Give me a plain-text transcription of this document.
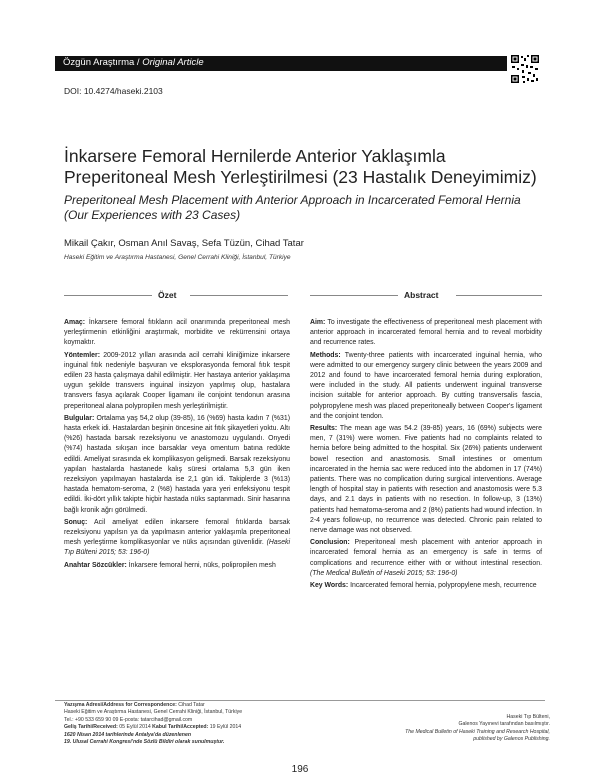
Özgün Araştırma / Original Article
DOI: 10.4274/haseki.2103
İnkarsere Femoral Hernilerde Anterior Yaklaşımla Preperitoneal Mesh Yerleştirilmesi (23 Hastalık Deneyimimiz)
Preperitoneal Mesh Placement with Anterior Approach in Incarcerated Femoral Hernia (Our Experiences with 23 Cases)
Mikail Çakır, Osman Anıl Savaş, Sefa Tüzün, Cihad Tatar
Haseki Eğitim ve Araştırma Hastanesi, Genel Cerrahi Kliniği, İstanbul, Türkiye
Özet	Abstract

Amaç: İnkarsere femoral fıtıkların acil onarımında preperitoneal mesh yerleştirmenin etkinliğini araştırmak, morbidite ve rekürrensini ortaya koymaktır.

Yöntemler: 2009-2012 yılları arasında acil cerrahi kliniğimize inkarsere inguinal fıtık nedeniyle başvuran ve eksplorasyonda femoral fıtık tespit edilen 23 hasta çalışmaya dahil edilmiştir. Her hastaya anterior yaklaşıma uygun şekilde transvers inguinal insizyon yapılmış olup, hastalara transvers fasya açılarak Cooper ligamanı ile conjoint tendonun arasına preperitoneal alana polypropilen mesh yerleştirilmiştir.

Bulgular: Ortalama yaş 54,2 olup (39-85), 16 (%69) hasta kadın 7 (%31) hasta erkek idi. Hastalardan beşinin öncesine ait fıtık şikayetleri yoktu. Altı (%26) hastada barsak rezeksiyonu ve anastomozu uygulandı. Onyedi (%74) hastada sıkışan ince barsaklar veya omentum batına redükte edildi. Ameliyat sırasında ek komplikasyon gelişmedi. Barsak rezeksiyonu yapılan hastalarda hastanede kalış süresi ortalama 5,3 gün iken rezeksiyon yapılmayan hastalarda ise 2,1 gün idi. Takiplerde 3 (%13) hastada hematom-seroma, 2 (%8) hastada yara yeri enfeksiyonu tespit edildi. İki-dört yıllık takipte hiçbir hastada nüks saptanmadı. Sinir hasarına bağlı kronik ağrı görülmedi.

Sonuç: Acil ameliyat edilen inkarsere femoral fıtıklarda barsak rezeksiyonu yapılsın ya da yapılmasın anterior yaklaşımla preperitoneal mesh yerleştirme komplikasyonlar ve nüks açısından güvenlidir. (Haseki Tıp Bülteni 2015; 53: 196-0)

Anahtar Sözcükler: İnkarsere femoral herni, nüks, polipropilen mesh

Aim: To investigate the effectiveness of preperitoneal mesh placement with anterior approach in incarcerated femoral hernia and to reveal morbidity and recurrence rates.

Methods: Twenty-three patients with incarcerated inguinal hernia, who were admitted to our emergency surgery clinic between the years 2009 and 2012 and found to have incarcerated femoral hernia during exploration, were included in the study. All patients underwent inguinal transverse incision suitable for anterior approach. By cutting transversalis fascia, polypropylene mesh was placed preperitoneally between Cooper's ligament and the conjoint tendon.

Results: The mean age was 54.2 (39-85) years, 16 (69%) subjects were men, 7 (31%) were women. Five patients had no complaints related to hernia before being admitted to the hospital. Six (26%) patients underwent bowel resection and anastomosis. Small intestines or omentum incarcerated in the hernia sac were reduced into the abdomen in 17 (74%) patients. There was no complication during surgical interventions. Average length of hospital stay in patients with resection and anastomosis were 5.3 days, and 2.1 days in patients with no resection. In follow-up, 3 (13%) patients had hematoma-seroma and 2 (8%) patients had wound infection. In 2-4 years follow-up, no recurrence was detected. Chronic pain related to nerve damage was not observed.

Conclusion: Preperitoneal mesh placement with anterior approach in incarcerated femoral hernia as an emergency is safe in terms of complications and recurrence either with or without intestinal resection. (The Medical Bulletin of Haseki 2015; 53: 196-0)

Key Words: Incarcerated femoral hernia, polypropylene mesh, recurrence

Yazışma Adresi/Address for Correspondence: Cihad Tatar
Haseki Eğitim ve Araştırma Hastanesi, Genel Cerrahi Kliniği, İstanbul, Türkiye
Tel.: +90 533 659 90 09 E-posta: tatarcihad@gmail.com
Geliş Tarihi/Received: 05 Eylül 2014 Kabul Tarihi/Accepted: 19 Eylül 2014
1620 Nisan 2014 tarihlerinde Antalya'da düzenlenen
19. Ulusal Cerrahi Kongresi'nde Sözlü Bildiri olarak sunulmuştur.
Haseki Tıp Bülteni,
Galenos Yayınevi tarafından basılmıştır.
The Medical Bulletin of Haseki Training and Research Hospital,
published by Galenos Publishing.
196
